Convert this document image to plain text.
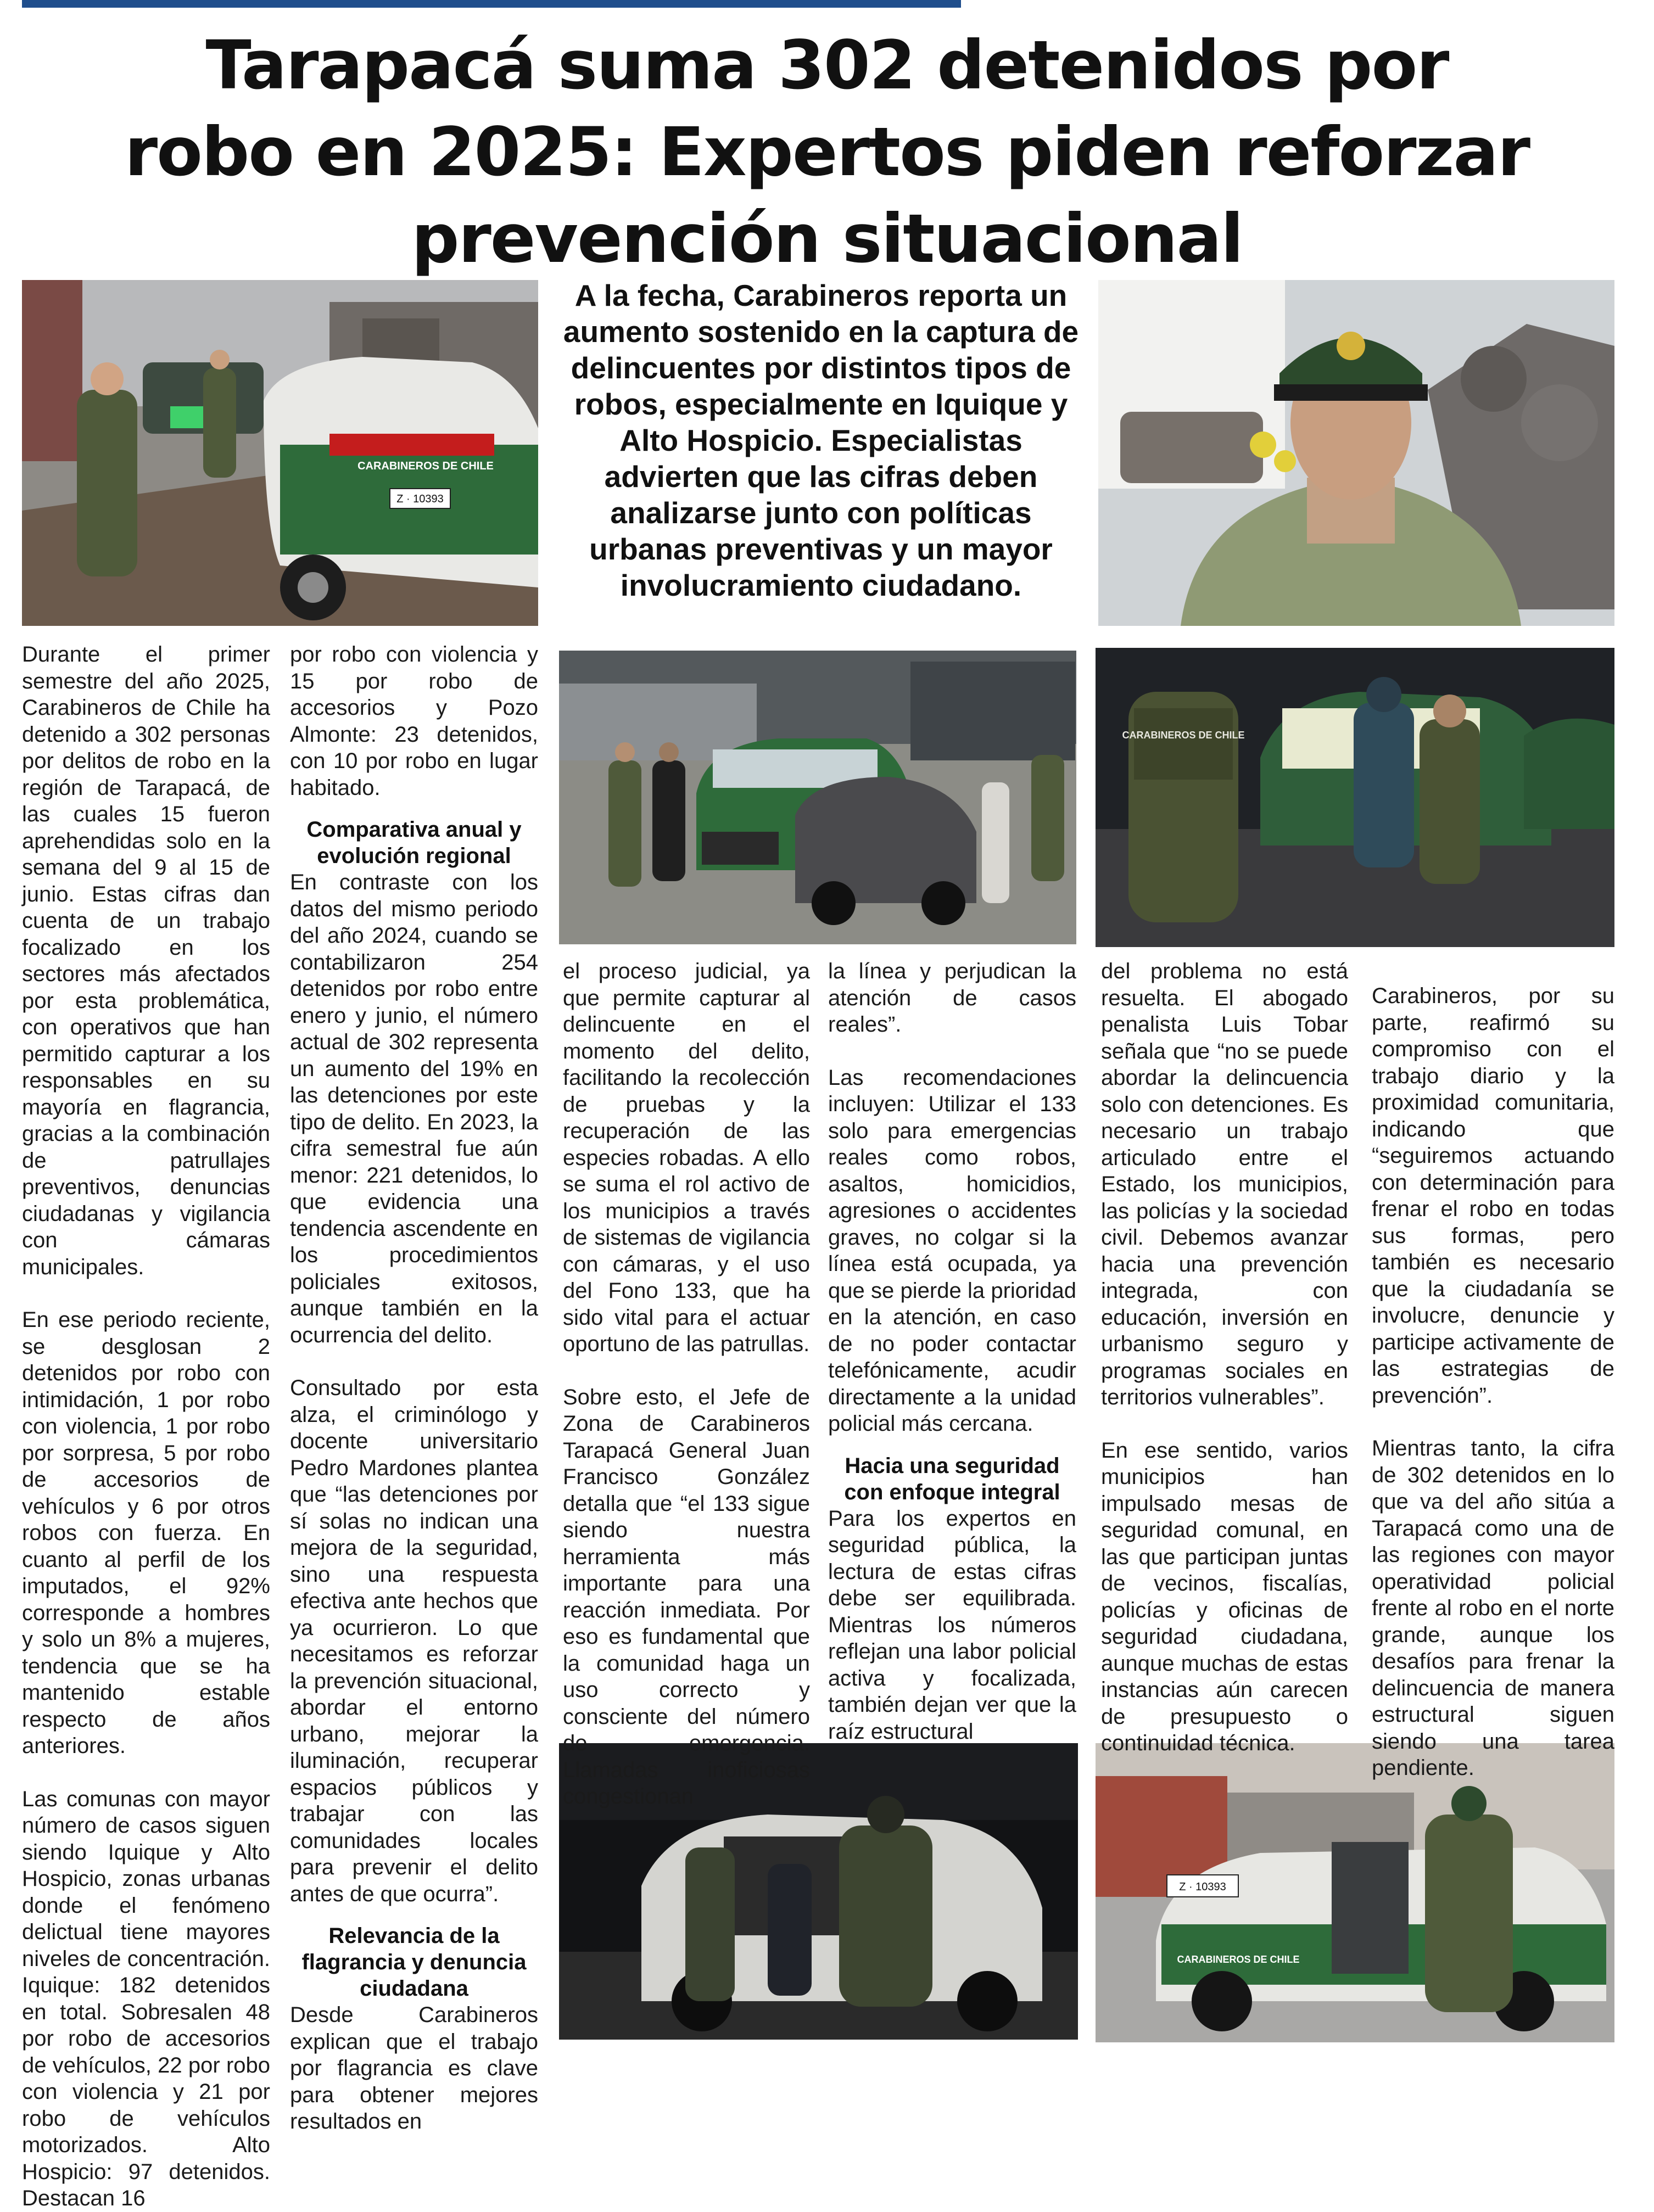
Tarapacá suma 302 detenidos por
robo en 2025: Expertos piden reforzar
prevención situacional
Z · 10393
CARABINEROS DE CHILE
A la fecha, Carabineros reporta un aumento sostenido en la captura de delincuentes por distintos tipos de robos, especialmente en Iquique y Alto Hospicio. Especialistas advierten que las cifras deben analizarse junto con políticas urbanas preventivas y un mayor involucramiento ciudadano.
CARABINEROS DE CHILE
Z · 10393
CARABINEROS DE CHILE

Durante el primer semestre del año 2025, Carabineros de Chile ha detenido a 302 personas por delitos de robo en la región de Tarapacá, de las cuales 15 fueron aprehendidas solo en la semana del 9 al 15 de junio. Estas cifras dan cuenta de un trabajo focalizado en los sectores más afectados por esta problemática, con operativos que han permitido capturar a los responsables en su mayoría en flagrancia, gracias a la combinación de patrullajes preventivos, denuncias ciudadanas y vigilancia con cámaras municipales.

En ese periodo reciente, se desglosan 2 detenidos por robo con intimidación, 1 por robo con violencia, 1 por robo por sorpresa, 5 por robo de accesorios de vehículos y 6 por otros robos con fuerza. En cuanto al perfil de los imputados, el 92% corresponde a hombres y solo un 8% a mujeres, tendencia que se ha mantenido estable respecto de años anteriores.

Las comunas con mayor número de casos siguen siendo Iquique y Alto Hospicio, zonas urbanas donde el fenómeno delictual tiene mayores niveles de concentración. Iquique: 182 detenidos en total. Sobresalen 48 por robo de accesorios de vehículos, 22 por robo con violencia y 21 por robo de vehículos motorizados. Alto Hospicio: 97 detenidos. Destacan 16

por robo con violencia y 15 por robo de accesorios y Pozo Almonte: 23 detenidos, con 10 por robo en lugar habitado.

Comparativa anual y evolución regional

En contraste con los datos del mismo periodo del año 2024, cuando se contabilizaron 254 detenidos por robo entre enero y junio, el número actual de 302 representa un aumento del 19% en las detenciones por este tipo de delito. En 2023, la cifra semestral fue aún menor: 221 detenidos, lo que evidencia una tendencia ascendente en los procedimientos policiales exitosos, aunque también en la ocurrencia del delito.

Consultado por esta alza, el criminólogo y docente universitario Pedro Mardones plantea que “las detenciones por sí solas no indican una mejora de la seguridad, sino una respuesta efectiva ante hechos que ya ocurrieron. Lo que necesitamos es reforzar la prevención situacional, abordar el entorno urbano, mejorar la iluminación, recuperar espacios públicos y trabajar con las comunidades locales para prevenir el delito antes de que ocurra”.

Relevancia de la flagrancia y denuncia ciudadana

Desde Carabineros explican que el trabajo por flagrancia es clave para obtener mejores resultados en

el proceso judicial, ya que permite capturar al delincuente en el momento del delito, facilitando la recolección de pruebas y la recuperación de las especies robadas. A ello se suma el rol activo de los municipios a través de sistemas de vigilancia con cámaras, y el uso del Fono 133, que ha sido vital para el actuar oportuno de las patrullas.

Sobre esto, el Jefe de Zona de Carabineros Tarapacá General Juan Francisco González detalla que “el 133 sigue siendo nuestra herramienta más importante para una reacción inmediata. Por eso es fundamental que la comunidad haga un uso correcto y consciente del número de emergencia. Llamadas inoficiosas congestionan

la línea y perjudican la atención de casos reales”.

Las recomendaciones incluyen: Utilizar el 133 solo para emergencias reales como robos, asaltos, homicidios, agresiones o accidentes graves, no colgar si la línea está ocupada, ya que se pierde la prioridad en la atención, en caso de no poder contactar telefónicamente, acudir directamente a la unidad policial más cercana.

Hacia una seguridad con enfoque integral

Para los expertos en seguridad pública, la lectura de estas cifras debe ser equilibrada. Mientras los números reflejan una labor policial activa y focalizada, también dejan ver que la raíz estructural

del problema no está resuelta. El abogado penalista Luis Tobar señala que “no se puede abordar la delincuencia solo con detenciones. Es necesario un trabajo articulado entre el Estado, los municipios, las policías y la sociedad civil. Debemos avanzar hacia una prevención integrada, con educación, inversión en urbanismo seguro y programas sociales en territorios vulnerables”.

En ese sentido, varios municipios han impulsado mesas de seguridad comunal, en las que participan juntas de vecinos, fiscalías, policías y oficinas de seguridad ciudadana, aunque muchas de estas instancias aún carecen de presupuesto o continuidad técnica.

Carabineros, por su parte, reafirmó su compromiso con el trabajo diario y la proximidad comunitaria, indicando que “seguiremos actuando con determinación para frenar el robo en todas sus formas, pero también es necesario que la ciudadanía se involucre, denuncie y participe activamente de las estrategias de prevención”.

Mientras tanto, la cifra de 302 detenidos en lo que va del año sitúa a Tarapacá como una de las regiones con mayor operatividad policial frente al robo en el norte grande, aunque los desafíos para frenar la delincuencia de manera estructural siguen siendo una tarea pendiente.
